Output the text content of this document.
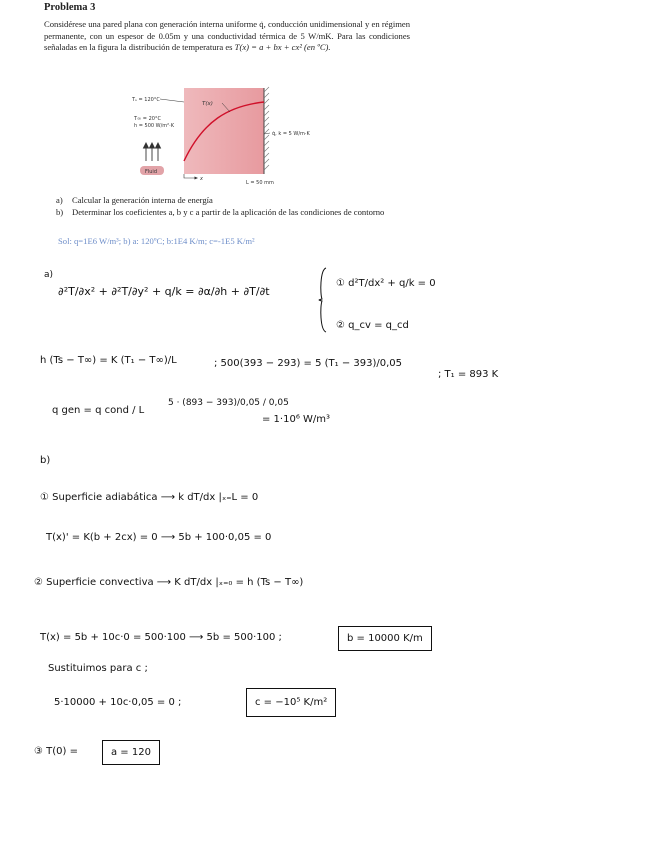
Problema 3
Considérese una pared plana con generación interna uniforme q̇, conducción unidimensional y en régimen permanente, con un espesor de 0.05m y una conductividad térmica de 5 W/mK. Para las condiciones señaladas en la figura la distribución de temperatura es T(x) = a + bx + cx² (en ºC).
Tₛ = 120°C
T(x)
T∞ = 20°C
h = 500 W/m²·K
q̇, k = 5 W/m·K
Fluid
x
L = 50 mm
a)	Calcular la generación interna de energía
b)	Determinar los coeficientes a, b y c a partir de la aplicación de las condiciones de contorno
Sol: q=1E6 W/m³; b) a: 120ºC; b:1E4 K/m; c=-1E5 K/m²
a)
∂²T/∂x² + ∂²T/∂y² + q/k = ∂α/∂h + ∂T/∂t
① d²T/dx² + q/k = 0
② q_cv = q_cd
h (Ts − T∞) = K (T₁ − T∞)/L	; 500(393 − 293) = 5 (T₁ − 393)/0,05
; T₁ = 893 K
q gen = q cond / L
5 · (893 − 393)/0,05 / 0,05
= 1·10⁶ W/m³
b)
① Superficie adiabática ⟶ k dT/dx |ₓ₌L = 0
T(x)' = K(b + 2cx) = 0 ⟶ 5b + 100·0,05 = 0
② Superficie convectiva ⟶ K dT/dx |ₓ₌₀ = h (Ts − T∞)
T(x) = 5b + 10c·0 = 500·100 ⟶ 5b = 500·100 ;	b = 10000 K/m
Sustituimos para c ;
5·10000 + 10c·0,05 = 0 ;	c = −10⁵ K/m²
③ T(0) =	a = 120
